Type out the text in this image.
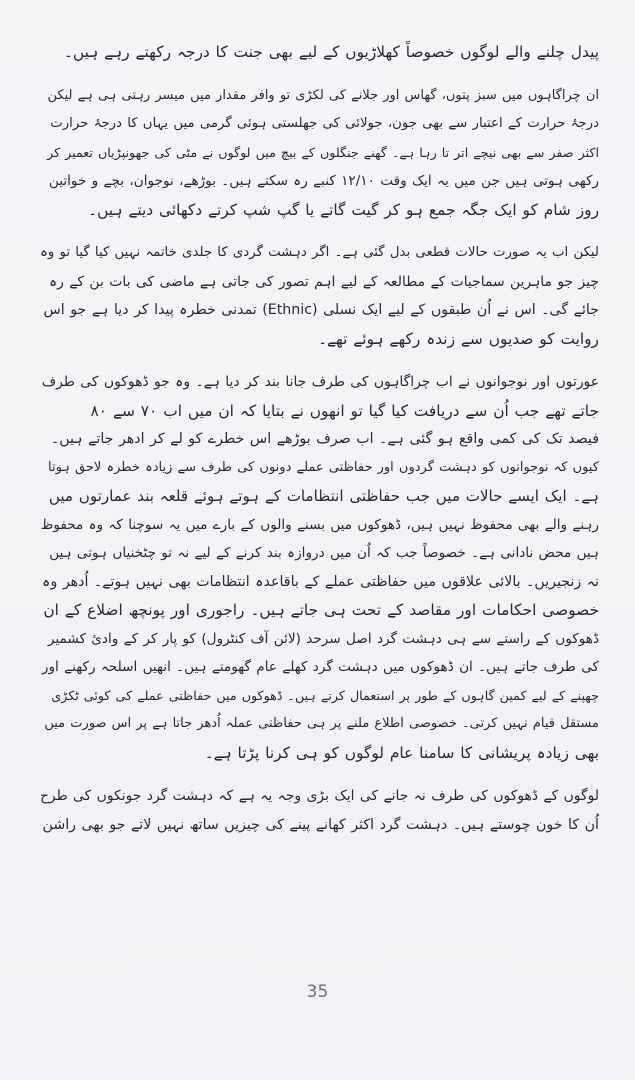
پیدل چلنے والے لوگوں خصوصاً کھلاڑیوں کے لیے بھی جنت کا درجہ رکھتے رہے ہیں۔

ان چراگاہوں میں سبز پتوں، گھاس اور جلانے کی لکڑی تو وافر مقدار میں میسر رہتی ہی ہے لیکن
درجۂ حرارت کے اعتبار سے بھی جون، جولائی کی جھلستی ہوئی گرمی میں یہاں کا درجۂ حرارت
اکثر صفر سے بھی نیچے اتر تا رہا ہے۔ گھنے جنگلوں کے بیچ میں لوگوں نے مٹی کی جھونپڑیاں تعمیر کر
رکھی ہوتی ہیں جن میں یہ ایک وقت ۱۲/۱۰ کنبے رہ سکتے ہیں۔ بوڑھے، نوجوان، بچے و خواتین
روز شام کو ایک جگہ جمع ہو کر گیت گاتے یا گپ شپ کرتے دکھائی دیتے ہیں۔

لیکن اب یہ صورت حالات قطعی بدل گئی ہے۔ اگر دہشت گردی کا جلدی خاتمہ نہیں کیا گیا تو وہ
چیز جو ماہرین سماجیات کے مطالعہ کے لیے اہم تصور کی جاتی ہے ماضی کی بات بن کے رہ
جائے گی۔ اس نے اُن طبقوں کے لیے ایک نسلی (Ethnic) تمدنی خطرہ پیدا کر دیا ہے جو اس
روایت کو صدیوں سے زندہ رکھے ہوئے تھے۔

عورتوں اور نوجوانوں نے اب چراگاہوں کی طرف جانا بند کر دیا ہے۔ وہ جو ڈھوکوں کی طرف
جاتے تھے جب اُن سے دریافت کیا گیا تو انھوں نے بتایا کہ ان میں اب ۷۰ سے ۸۰
فیصد تک کی کمی واقع ہو گئی ہے۔ اب صرف بوڑھے اس خطرے کو لے کر ادھر جاتے ہیں۔
کیوں کہ نوجوانوں کو دہشت گردوں اور حفاظتی عملے دونوں کی طرف سے زیادہ خطرہ لاحق ہوتا
ہے۔ ایک ایسے حالات میں جب حفاظتی انتظامات کے ہوتے ہوئے قلعہ بند عمارتوں میں
رہنے والے بھی محفوظ نہیں ہیں، ڈھوکوں میں بسنے والوں کے بارے میں یہ سوچنا کہ وہ محفوظ
ہیں محض نادانی ہے۔ خصوصاً جب کہ اُن میں دروازہ بند کرنے کے لیے نہ تو چٹخنیاں ہوتی ہیں
نہ زنجیریں۔ بالائی علاقوں میں حفاظتی عملے کے باقاعدہ انتظامات بھی نہیں ہوتے۔ اُدھر وہ
خصوصی احکامات اور مقاصد کے تحت ہی جاتے ہیں۔ راجوری اور پونچھ اضلاع کے ان
ڈھوکوں کے راستے سے ہی دہشت گرد اصل سرحد (لائن آف کنٹرول) کو پار کر کے وادیٔ کشمیر
کی طرف جاتے ہیں۔ ان ڈھوکوں میں دہشت گرد کھلے عام گھومتے ہیں۔ انھیں اسلحہ رکھنے اور
چھپنے کے لیے کمین گاہوں کے طور پر استعمال کرتے ہیں۔ ڈھوکوں میں حفاظتی عملے کی کوئی ٹکڑی
مستقل قیام نہیں کرتی۔ خصوصی اطلاع ملنے پر ہی حفاظتی عملہ اُدھر جاتا ہے پر اس صورت میں
بھی زیادہ پریشانی کا سامنا عام لوگوں کو ہی کرنا پڑتا ہے۔

لوگوں کے ڈھوکوں کی طرف نہ جانے کی ایک بڑی وجہ یہ ہے کہ دہشت گرد جونکوں کی طرح
اُن کا خون چوستے ہیں۔ دہشت گرد اکثر کھانے پینے کی چیزیں ساتھ نہیں لاتے جو بھی راشن

35
